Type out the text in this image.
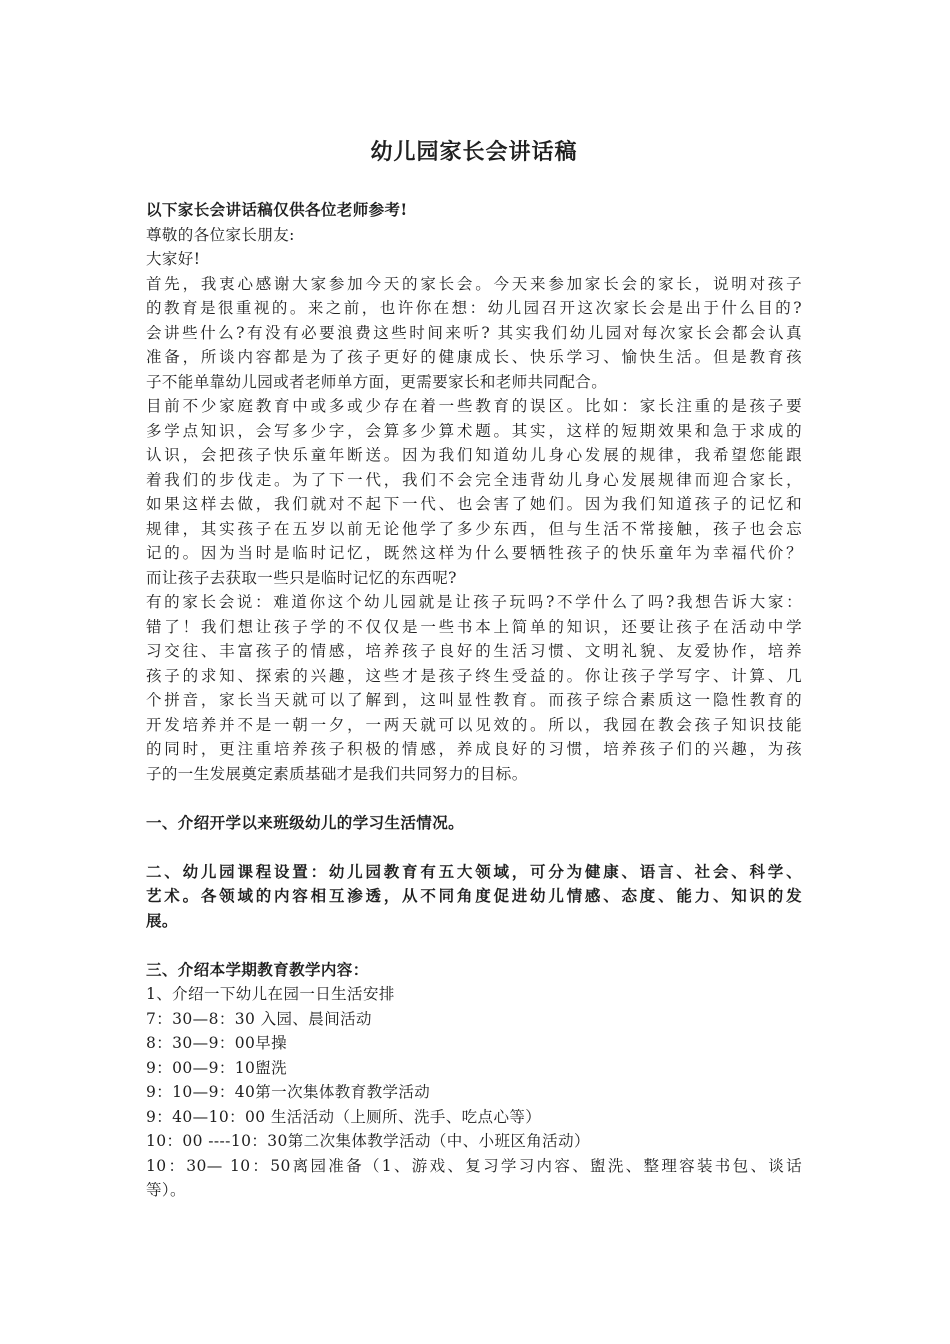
幼儿园家长会讲话稿

以下家长会讲话稿仅供各位老师参考!

尊敬的各位家长朋友:

大家好!

首先，我衷心感谢大家参加今天的家长会。今天来参加家长会的家长，说明对孩子

的教育是很重视的。来之前，也许你在想：幼儿园召开这次家长会是出于什么目的?

会讲些什么?有没有必要浪费这些时间来听? 其实我们幼儿园对每次家长会都会认真

准备，所谈内容都是为了孩子更好的健康成长、快乐学习、愉快生活。但是教育孩

子不能单靠幼儿园或者老师单方面，更需要家长和老师共同配合。

目前不少家庭教育中或多或少存在着一些教育的误区。比如：家长注重的是孩子要

多学点知识，会写多少字，会算多少算术题。其实，这样的短期效果和急于求成的

认识，会把孩子快乐童年断送。因为我们知道幼儿身心发展的规律，我希望您能跟

着我们的步伐走。为了下一代，我们不会完全违背幼儿身心发展规律而迎合家长，

如果这样去做，我们就对不起下一代、也会害了她们。因为我们知道孩子的记忆和

规律，其实孩子在五岁以前无论他学了多少东西，但与生活不常接触，孩子也会忘

记的。因为当时是临时记忆，既然这样为什么要牺牲孩子的快乐童年为幸福代价？

而让孩子去获取一些只是临时记忆的东西呢?

有的家长会说：难道你这个幼儿园就是让孩子玩吗?不学什么了吗?我想告诉大家：

错了！我们想让孩子学的不仅仅是一些书本上简单的知识，还要让孩子在活动中学

习交往、丰富孩子的情感，培养孩子良好的生活习惯、文明礼貌、友爱协作，培养

孩子的求知、探索的兴趣，这些才是孩子终生受益的。你让孩子学写字、计算、几

个拼音，家长当天就可以了解到，这叫显性教育。而孩子综合素质这一隐性教育的

开发培养并不是一朝一夕，一两天就可以见效的。所以，我园在教会孩子知识技能

的同时，更注重培养孩子积极的情感，养成良好的习惯，培养孩子们的兴趣，为孩

子的一生发展奠定素质基础才是我们共同努力的目标。

一、介绍开学以来班级幼儿的学习生活情况。

二、幼儿园课程设置：幼儿园教育有五大领域，可分为健康、语言、社会、科学、

艺术。各领域的内容相互渗透，从不同角度促进幼儿情感、态度、能力、知识的发

展。

三、介绍本学期教育教学内容：

1、介绍一下幼儿在园一日生活安排

7：30—8：30 入园、晨间活动

8：30—9：00早操

9：00—9：10盥洗

9：10—9：40第一次集体教育教学活动

9：40—10：00 生活活动（上厕所、洗手、吃点心等）

10：00 ----10：30第二次集体教学活动（中、小班区角活动）

10：30— 10：50离园准备（1、游戏、复习学习内容、盥洗、整理容装书包、谈话

等）。
